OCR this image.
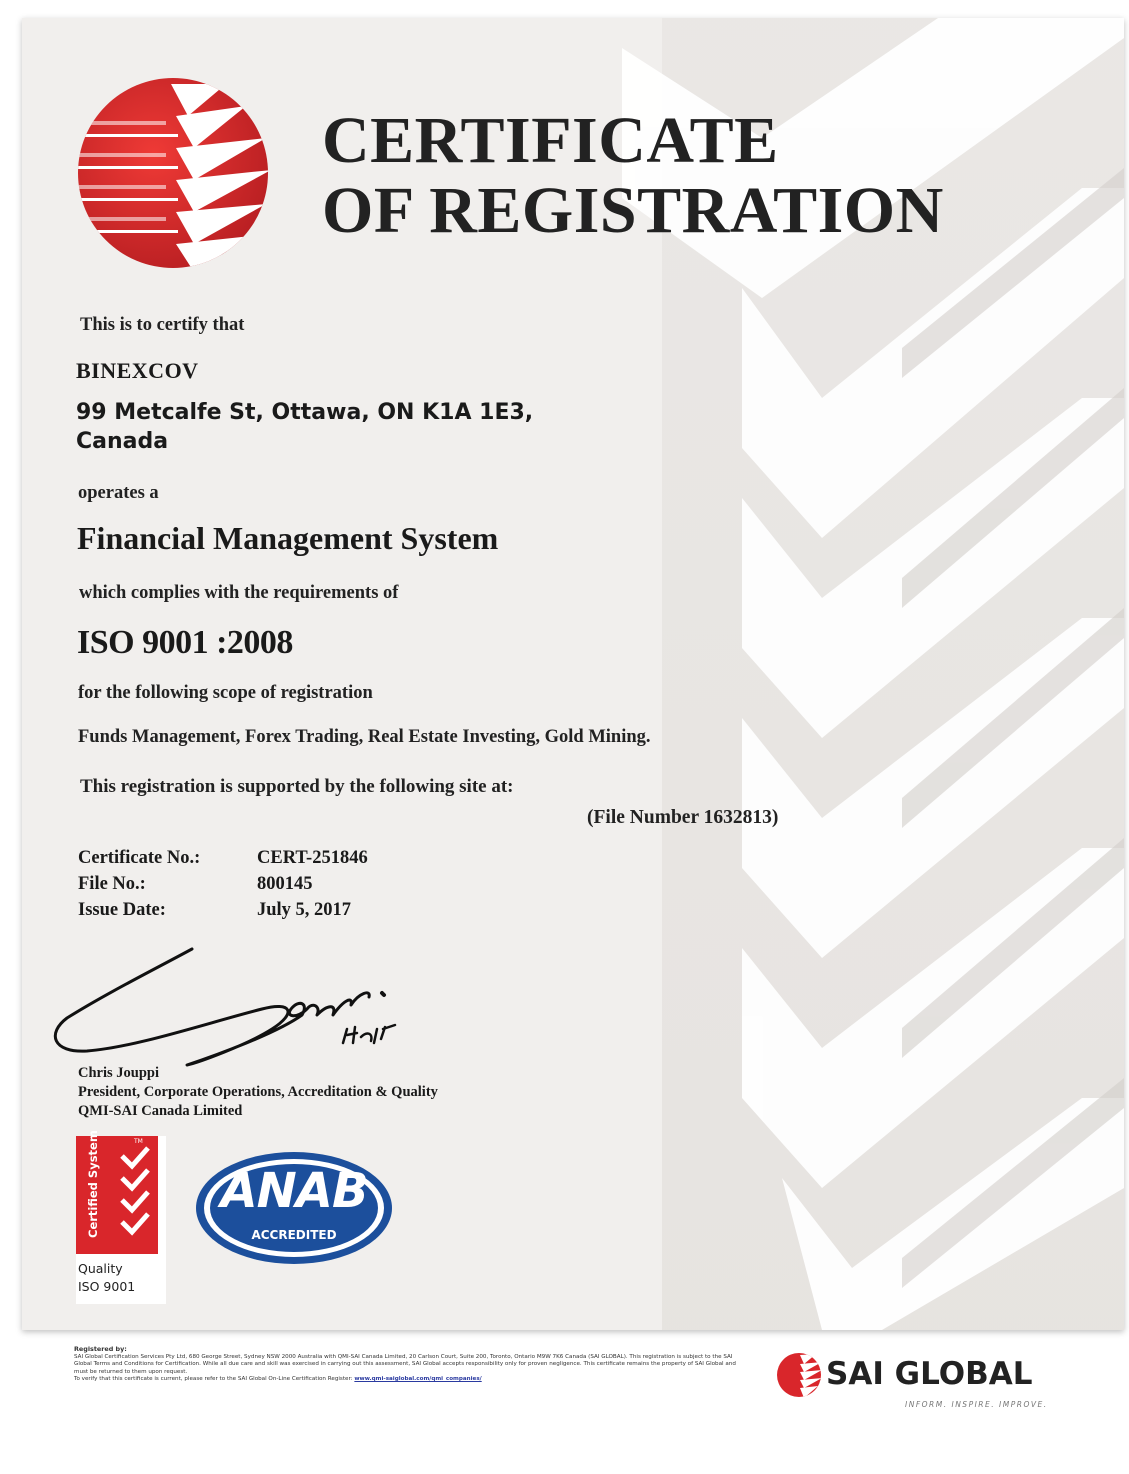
CERTIFICATE
OF REGISTRATION
This is to certify that
BINEXCOV
99 Metcalfe St, Ottawa, ON K1A 1E3,
Canada
operates a
Financial Management System
which complies with the requirements of
ISO 9001 :2008
for the following scope of registration
Funds Management, Forex Trading, Real Estate Investing, Gold Mining.
This registration is supported by the following site at:
(File Number 1632813)
Certificate No.:	CERT-251846
File No.:	800145
Issue Date:	July 5, 2017
Chris Jouppi
President, Corporate Operations, Accreditation & Quality
QMI-SAI Canada Limited
TM
Certified System
Quality
ISO 9001
ANAB
ACCREDITED
Registered by:
SAI Global Certification Services Pty Ltd, 680 George Street, Sydney NSW 2000 Australia with QMI-SAI Canada Limited, 20 Carlson Court, Suite 200, Toronto, Ontario M9W 7K6 Canada (SAI GLOBAL). This registration is subject to the SAI Global Terms and Conditions for Certification. While all due care and skill was exercised in carrying out this assessment, SAI Global accepts responsibility only for proven negligence. This certificate remains the property of SAI Global and must be returned to them upon request.
To verify that this certificate is current, please refer to the SAI Global On-Line Certification Register: www.qmi-saiglobal.com/qmi_companies/	SAI GLOBAL
INFORM. INSPIRE. IMPROVE.
